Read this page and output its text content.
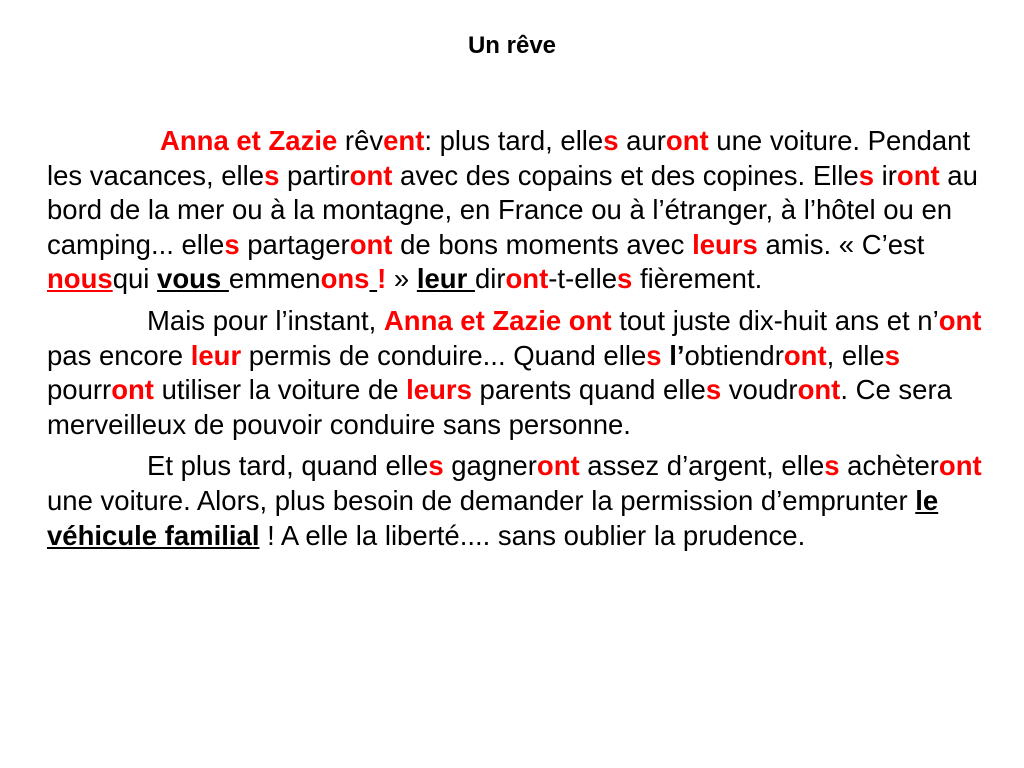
Un rêve

Anna et Zazie rêvent: plus tard, elles auront une voiture. Pendant les vacances, elles partiront avec des copains et des copines. Elles iront au bord de la mer ou à la montagne, en France ou à l’étranger, à l’hôtel ou en camping... elles partageront de bons moments avec leurs amis. « C’est nousqui vous emmenons ! » leur diront-t-elles fièrement.

Mais pour l’instant, Anna et Zazie ont tout juste dix-huit ans et n’ont pas encore leur permis de conduire... Quand elles l’obtiendront, elles pourront utiliser la voiture de leurs parents quand elles voudront. Ce sera merveilleux de pouvoir conduire sans personne.

Et plus tard, quand elles gagneront assez d’argent, elles achèteront une voiture. Alors, plus besoin de demander la permission d’emprunter le véhicule familial ! A elle la liberté.... sans oublier la prudence.
